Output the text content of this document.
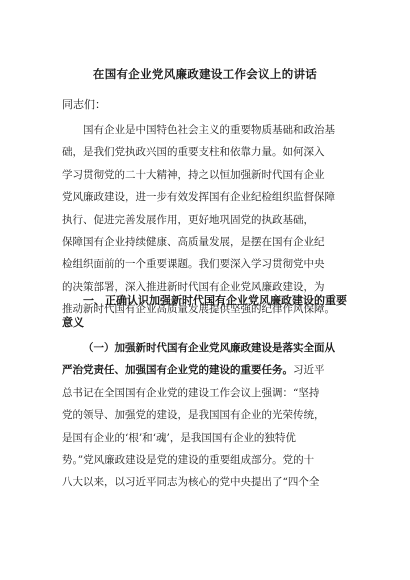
在国有企业党风廉政建设工作会议上的讲话
同志们：
国有企业是中国特色社会主义的重要物质基础和政治基
础，是我们党执政兴国的重要支柱和依靠力量。如何深入
学习贯彻党的二十大精神，持之以恒加强新时代国有企业
党风廉政建设，进一步有效发挥国有企业纪检组织监督保障
执行、促进完善发展作用，更好地巩固党的执政基础，
保障国有企业持续健康、高质量发展，是摆在国有企业纪
检组织面前的一个重要课题。我们要深入学习贯彻党中央
的决策部署，深入推进新时代国有企业党风廉政建设，为
推动新时代国有企业高质量发展提供坚强的纪律作风保障。
一、正确认识加强新时代国有企业党风廉政建设的重要
意义
（一）加强新时代国有企业党风廉政建设是落实全面从
严治党责任、加强国有企业党的建设的重要任务。习近平
总书记在全国国有企业党的建设工作会议上强调：“坚持
党的领导、加强党的建设，是我国国有企业的光荣传统，
是国有企业的‘根’和‘魂’，是我国国有企业的独特优
势。”党风廉政建设是党的建设的重要组成部分。党的十
八大以来，以习近平同志为核心的党中央提出了“四个全
